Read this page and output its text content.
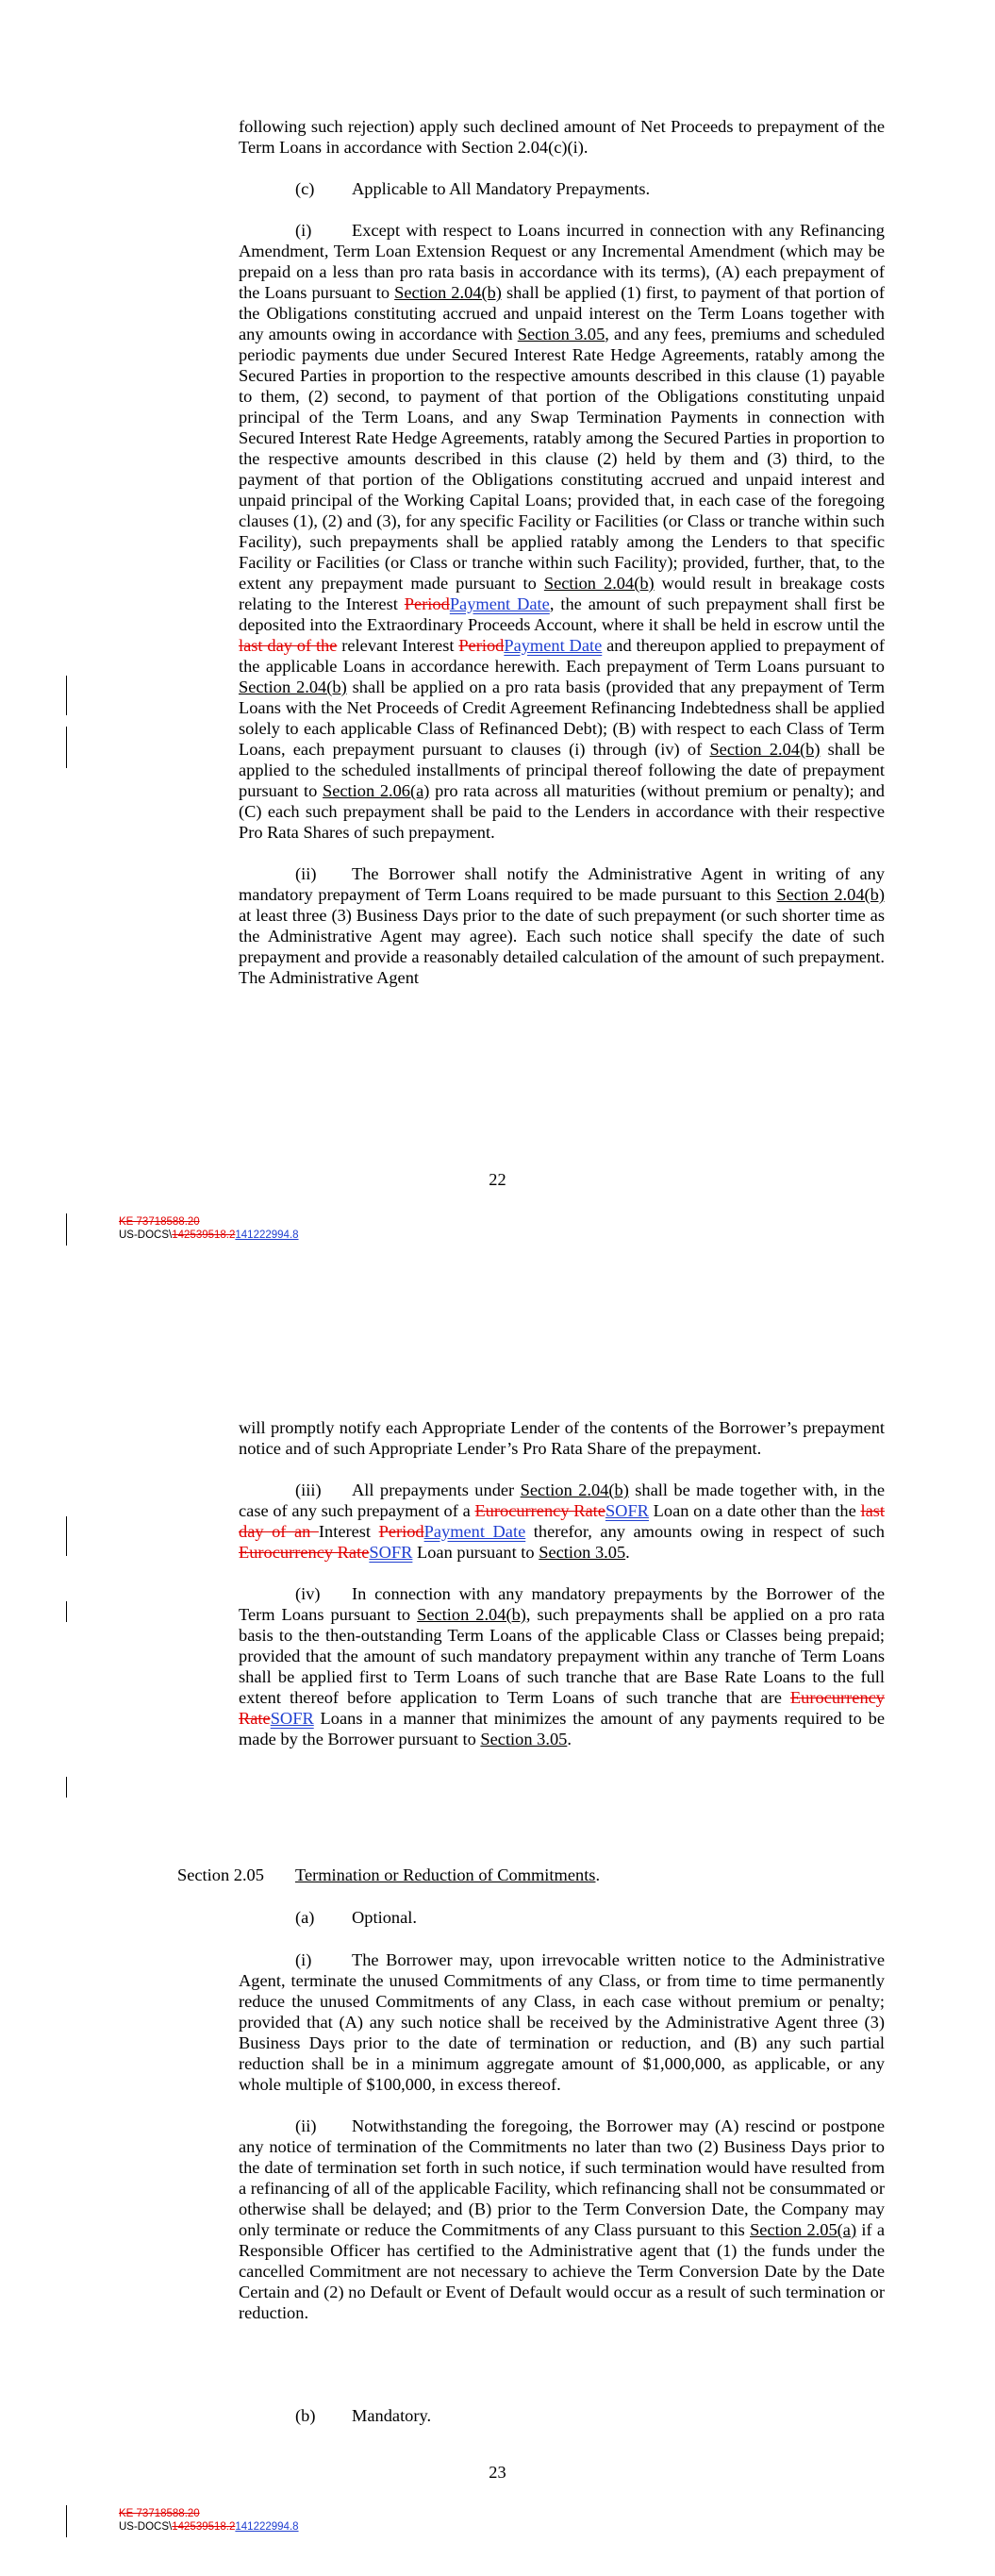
following such rejection) apply such declined amount of Net Proceeds to prepayment of the Term Loans in accordance with Section 2.04(c)(i).

(c) Applicable to All Mandatory Prepayments.

(i) Except with respect to Loans incurred in connection with any Refinancing Amendment, Term Loan Extension Request or any Incremental Amendment (which may be prepaid on a less than pro rata basis in accordance with its terms), (A) each prepayment of the Loans pursuant to Section 2.04(b) shall be applied (1) first, to payment of that portion of the Obligations constituting accrued and unpaid interest on the Term Loans together with any amounts owing in accordance with Section 3.05, and any fees, premiums and scheduled periodic payments due under Secured Interest Rate Hedge Agreements, ratably among the Secured Parties in proportion to the respective amounts described in this clause (1) payable to them, (2) second, to payment of that portion of the Obligations constituting unpaid principal of the Term Loans, and any Swap Termination Payments in connection with Secured Interest Rate Hedge Agreements, ratably among the Secured Parties in proportion to the respective amounts described in this clause (2) held by them and (3) third, to the payment of that portion of the Obligations constituting accrued and unpaid interest and unpaid principal of the Working Capital Loans; provided that, in each case of the foregoing clauses (1), (2) and (3), for any specific Facility or Facilities (or Class or tranche within such Facility), such prepayments shall be applied ratably among the Lenders to that specific Facility or Facilities (or Class or tranche within such Facility); provided, further, that, to the extent any prepayment made pursuant to Section 2.04(b) would result in breakage costs relating to the Interest PeriodPayment Date, the amount of such prepayment shall first be deposited into the Extraordinary Proceeds Account, where it shall be held in escrow until the last day of the relevant Interest PeriodPayment Date and thereupon applied to prepayment of the applicable Loans in accordance herewith. Each prepayment of Term Loans pursuant to Section 2.04(b) shall be applied on a pro rata basis (provided that any prepayment of Term Loans with the Net Proceeds of Credit Agreement Refinancing Indebtedness shall be applied solely to each applicable Class of Refinanced Debt); (B) with respect to each Class of Term Loans, each prepayment pursuant to clauses (i) through (iv) of Section 2.04(b) shall be applied to the scheduled installments of principal thereof following the date of prepayment pursuant to Section 2.06(a) pro rata across all maturities (without premium or penalty); and (C) each such prepayment shall be paid to the Lenders in accordance with their respective Pro Rata Shares of such prepayment.

(ii) The Borrower shall notify the Administrative Agent in writing of any mandatory prepayment of Term Loans required to be made pursuant to this Section 2.04(b) at least three (3) Business Days prior to the date of such prepayment (or such shorter time as the Administrative Agent may agree). Each such notice shall specify the date of such prepayment and provide a reasonably detailed calculation of the amount of such prepayment. The Administrative Agent

22
KE 73718588.20
US-DOCS\142539518.2141222994.8

will promptly notify each Appropriate Lender of the contents of the Borrower’s prepayment notice and of such Appropriate Lender’s Pro Rata Share of the prepayment.

(iii) All prepayments under Section 2.04(b) shall be made together with, in the case of any such prepayment of a Eurocurrency RateSOFR Loan on a date other than the last day of an Interest PeriodPayment Date therefor, any amounts owing in respect of such Eurocurrency RateSOFR Loan pursuant to Section 3.05.

(iv) In connection with any mandatory prepayments by the Borrower of the Term Loans pursuant to Section 2.04(b), such prepayments shall be applied on a pro rata basis to the then-outstanding Term Loans of the applicable Class or Classes being prepaid; provided that the amount of such mandatory prepayment within any tranche of Term Loans shall be applied first to Term Loans of such tranche that are Base Rate Loans to the full extent thereof before application to Term Loans of such tranche that are Eurocurrency RateSOFR Loans in a manner that minimizes the amount of any payments required to be made by the Borrower pursuant to Section 3.05.

Section 2.05 Termination or Reduction of Commitments.
(a) Optional.

(i) The Borrower may, upon irrevocable written notice to the Administrative Agent, terminate the unused Commitments of any Class, or from time to time permanently reduce the unused Commitments of any Class, in each case without premium or penalty; provided that (A) any such notice shall be received by the Administrative Agent three (3) Business Days prior to the date of termination or reduction, and (B) any such partial reduction shall be in a minimum aggregate amount of $1,000,000, as applicable, or any whole multiple of $100,000, in excess thereof.

(ii) Notwithstanding the foregoing, the Borrower may (A) rescind or postpone any notice of termination of the Commitments no later than two (2) Business Days prior to the date of termination set forth in such notice, if such termination would have resulted from a refinancing of all of the applicable Facility, which refinancing shall not be consummated or otherwise shall be delayed; and (B) prior to the Term Conversion Date, the Company may only terminate or reduce the Commitments of any Class pursuant to this Section 2.05(a) if a Responsible Officer has certified to the Administrative agent that (1) the funds under the cancelled Commitment are not necessary to achieve the Term Conversion Date by the Date Certain and (2) no Default or Event of Default would occur as a result of such termination or reduction.

(b) Mandatory.
23
KE 73718588.20
US-DOCS\142539518.2141222994.8
